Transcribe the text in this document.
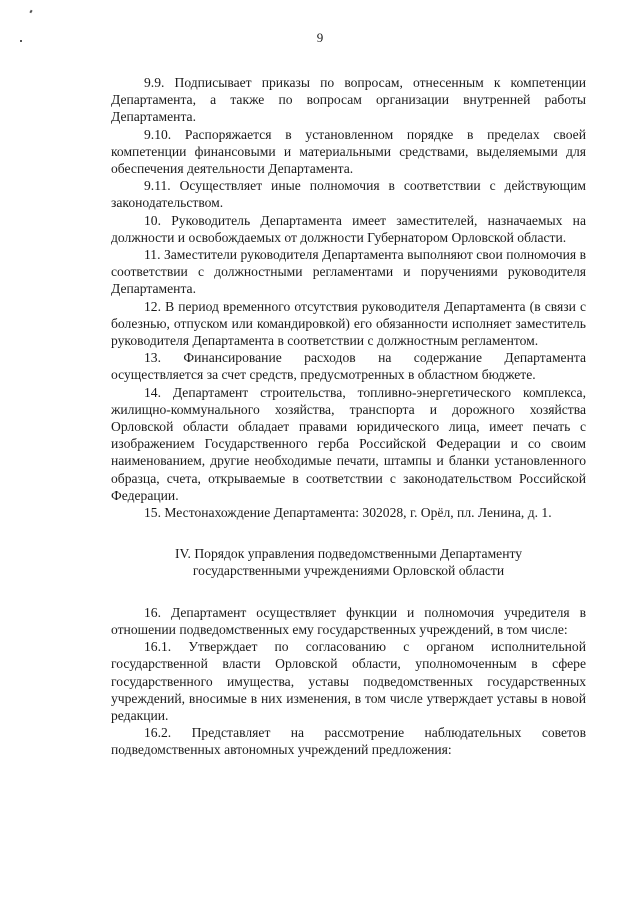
9

9.9. Подписывает приказы по вопросам, отнесенным к компетенции Департамента, а также по вопросам организации внутренней работы Департамента.

9.10. Распоряжается в установленном порядке в пределах своей компетенции финансовыми и материальными средствами, выделяемыми для обеспечения деятельности Департамента.

9.11. Осуществляет иные полномочия в соответствии с действующим законодательством.

10. Руководитель Департамента имеет заместителей, назначаемых на должности и освобождаемых от должности Губернатором Орловской области.

11. Заместители руководителя Департамента выполняют свои полномочия в соответствии с должностными регламентами и поручениями руководителя Департамента.

12. В период временного отсутствия руководителя Департамента (в связи с болезнью, отпуском или командировкой) его обязанности исполняет заместитель руководителя Департамента в соответствии с должностным регламентом.

13. Финансирование расходов на содержание Департамента осуществляется за счет средств, предусмотренных в областном бюджете.

14. Департамент строительства, топливно-энергетического комплекса, жилищно-коммунального хозяйства, транспорта и дорожного хозяйства Орловской области обладает правами юридического лица, имеет печать с изображением Государственного герба Российской Федерации и со своим наименованием, другие необходимые печати, штампы и бланки установленного образца, счета, открываемые в соответствии с законодательством Российской Федерации.

15. Местонахождение Департамента: 302028, г. Орёл, пл. Ленина, д. 1.

IV. Порядок управления подведомственными Департаменту
государственными учреждениями Орловской области

16. Департамент осуществляет функции и полномочия учредителя в отношении подведомственных ему государственных учреждений, в том числе:

16.1. Утверждает по согласованию с органом исполнительной государственной власти Орловской области, уполномоченным в сфере государственного имущества, уставы подведомственных государственных учреждений, вносимые в них изменения, в том числе утверждает уставы в новой редакции.

16.2. Представляет на рассмотрение наблюдательных советов подведомственных автономных учреждений предложения:
